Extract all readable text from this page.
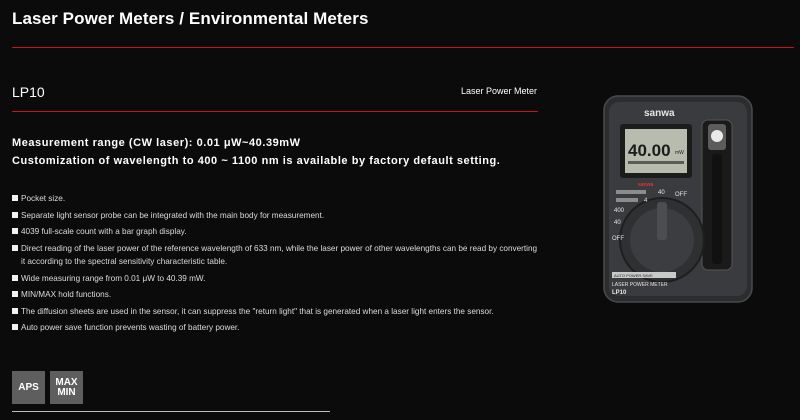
Laser Power Meters / Environmental Meters
LP10	Laser Power Meter
Measurement range (CW laser): 0.01 μW~40.39mW
Customization of wavelength to 400 ~ 1100 nm is available by factory default setting.
Pocket size.
Separate light sensor probe can be integrated with the main body for measurement.
4039 full-scale count with a bar graph display.
Direct reading of the laser power of the reference wavelength of 633 nm, while the laser power of other wavelengths can be read by converting it according to the spectral sensitivity characteristic table.
Wide measuring range from 0.01 μW to 40.39 mW.
MIN/MAX hold functions.
The diffusion sheets are used in the sensor, it can suppress the "return light" that is generated when a laser light enters the sensor.
Auto power save function prevents wasting of battery power.
APS MAX
MIN
sanwa
40.00 mW
sanwa
4
40 OFF
400
40
OFF
AUTO POWER SAVE
LASER POWER METER
LP10
